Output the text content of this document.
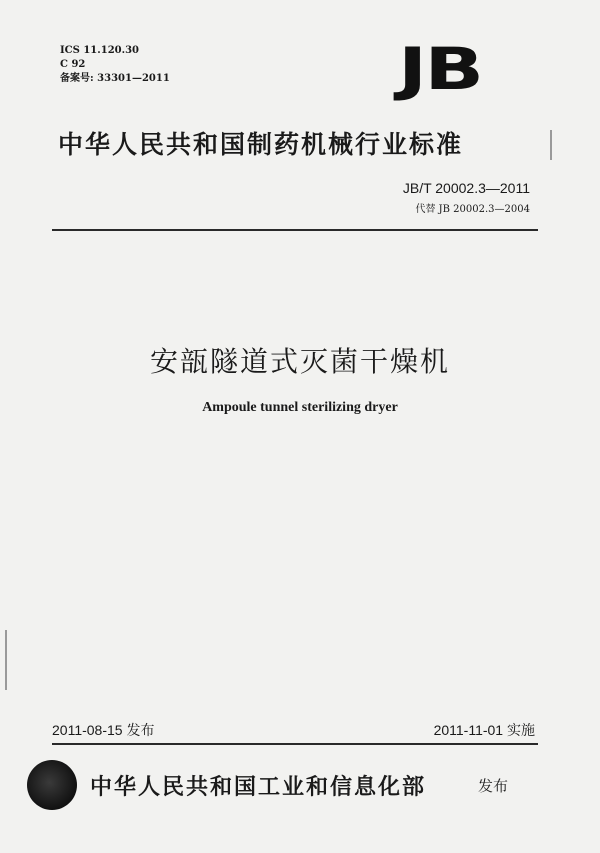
ICS 11.120.30
C 92
备案号: 33301—2011	JB
中华人民共和国制药机械行业标准
JB/T 20002.3—2011
代替 JB 20002.3—2004
安瓿隧道式灭菌干燥机
Ampoule tunnel sterilizing dryer
2011-08-15 发布	2011-11-01 实施
中华人民共和国工业和信息化部	发布
